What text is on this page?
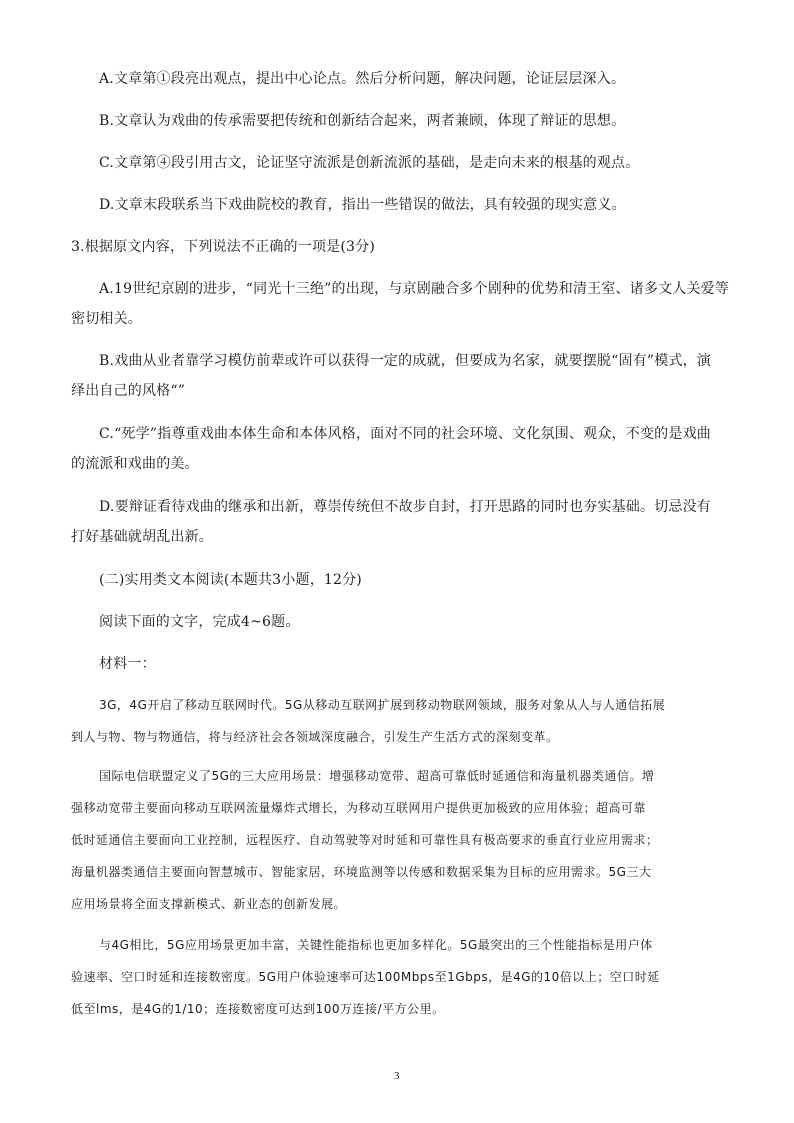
A.文章第①段亮出观点，提出中心论点。然后分析问题，解决问题，论证层层深入。
B.文章认为戏曲的传承需要把传统和创新结合起来，两者兼顾，体现了辩证的思想。
C.文章第④段引用古文，论证坚守流派是创新流派的基础，是走向未来的根基的观点。
D.文章末段联系当下戏曲院校的教育，指出一些错误的做法，具有较强的现实意义。
3.根据原文内容，下列说法不正确的一项是(3分)
A.19世纪京剧的进步，“同光十三绝”的出现，与京剧融合多个剧种的优势和清王室、诸多文人关爱等
密切相关。
B.戏曲从业者靠学习模仿前辈或许可以获得一定的成就，但要成为名家，就要摆脱“固有”模式，演
绎出自己的风格“”
C.“死学”指尊重戏曲本体生命和本体风格，面对不同的社会环境、文化氛围、观众，不变的是戏曲
的流派和戏曲的美。
D.要辩证看待戏曲的继承和出新，尊崇传统但不故步自封，打开思路的同时也夯实基础。切忌没有
打好基础就胡乱出新。
(二)实用类文本阅读(本题共3小题，12分)
阅读下面的文字，完成4~6题。
材料一：
3G，4G开启了移动互联网时代。5G从移动互联网扩展到移动物联网领域，服务对象从人与人通信拓展
到人与物、物与物通信，将与经济社会各领域深度融合，引发生产生活方式的深刻变革。
国际电信联盟定义了5G的三大应用场景：增强移动宽带、超高可靠低时延通信和海量机器类通信。增
强移动宽带主要面向移动互联网流量爆炸式增长，为移动互联网用户提供更加极致的应用体验；超高可靠
低时延通信主要面向工业控制，远程医疗、自动驾驶等对时延和可靠性具有极高要求的垂直行业应用需求；
海量机器类通信主要面向智慧城市、智能家居，环境监测等以传感和数据采集为目标的应用需求。5G三大
应用场景将全面支撑新模式、新业态的创新发展。
与4G相比，5G应用场景更加丰富，关键性能指标也更加多样化。5G最突出的三个性能指标是用户体
验速率、空口时延和连接数密度。5G用户体验速率可达100Mbps至1Gbps，是4G的10倍以上；空口时延
低至lms，是4G的1/10；连接数密度可达到100万连接/平方公里。
3
